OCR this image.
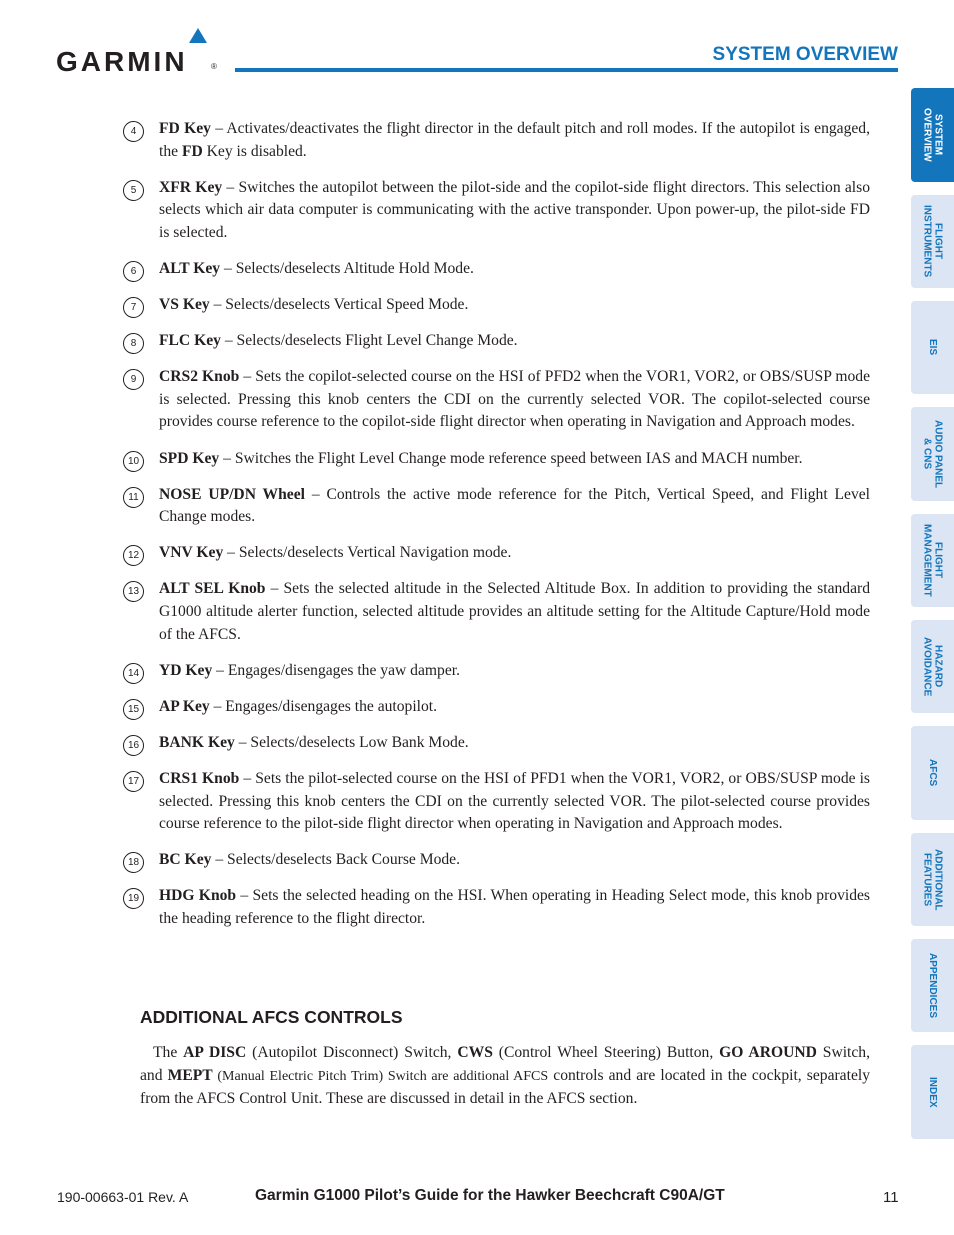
GARMIN	®
SYSTEM OVERVIEW
SYSTEM
OVERVIEW
FLIGHT
INSTRUMENTS
EIS
AUDIO PANEL
& CNS
FLIGHT
MANAGEMENT
HAZARD
AVOIDANCE
AFCS
ADDITIONAL
FEATURES
APPENDICES
INDEX
4	FD Key – Activates/deactivates the flight director in the default pitch and roll modes. If the autopilot is engaged, the FD Key is disabled.
5	XFR Key – Switches the autopilot between the pilot-side and the copilot-side flight directors. This selection also selects which air data computer is communicating with the active transponder. Upon power-up, the pilot-side FD is selected.
6	ALT Key – Selects/deselects Altitude Hold Mode.
7	VS Key – Selects/deselects Vertical Speed Mode.
8	FLC Key – Selects/deselects Flight Level Change Mode.
9	CRS2 Knob – Sets the copilot-selected course on the HSI of PFD2 when the VOR1, VOR2, or OBS/SUSP mode is selected. Pressing this knob centers the CDI on the currently selected VOR. The copilot-selected course provides course reference to the copilot-side flight director when operating in Navigation and Approach modes.
10	SPD Key – Switches the Flight Level Change mode reference speed between IAS and MACH number.
11	NOSE UP/DN Wheel – Controls the active mode reference for the Pitch, Vertical Speed, and Flight Level Change modes.
12	VNV Key – Selects/deselects Vertical Navigation mode.
13	ALT SEL Knob – Sets the selected altitude in the Selected Altitude Box. In addition to providing the standard G1000 altitude alerter function, selected altitude provides an altitude setting for the Altitude Capture/Hold mode of the AFCS.
14	YD Key – Engages/disengages the yaw damper.
15	AP Key – Engages/disengages the autopilot.
16	BANK Key – Selects/deselects Low Bank Mode.
17	CRS1 Knob – Sets the pilot-selected course on the HSI of PFD1 when the VOR1, VOR2, or OBS/SUSP mode is selected. Pressing this knob centers the CDI on the currently selected VOR. The pilot-selected course provides course reference to the pilot-side flight director when operating in Navigation and Approach modes.
18	BC Key – Selects/deselects Back Course Mode.
19	HDG Knob – Sets the selected heading on the HSI. When operating in Heading Select mode, this knob provides the heading reference to the flight director.
ADDITIONAL AFCS CONTROLS
The AP DISC (Autopilot Disconnect) Switch, CWS (Control Wheel Steering) Button, GO AROUND Switch, and MEPT (Manual Electric Pitch Trim) Switch are additional AFCS controls and are located in the cockpit, separately from the AFCS Control Unit. These are discussed in detail in the AFCS section.
190-00663-01 Rev. A	Garmin G1000 Pilot’s Guide for the Hawker Beechcraft C90A/GT	11
